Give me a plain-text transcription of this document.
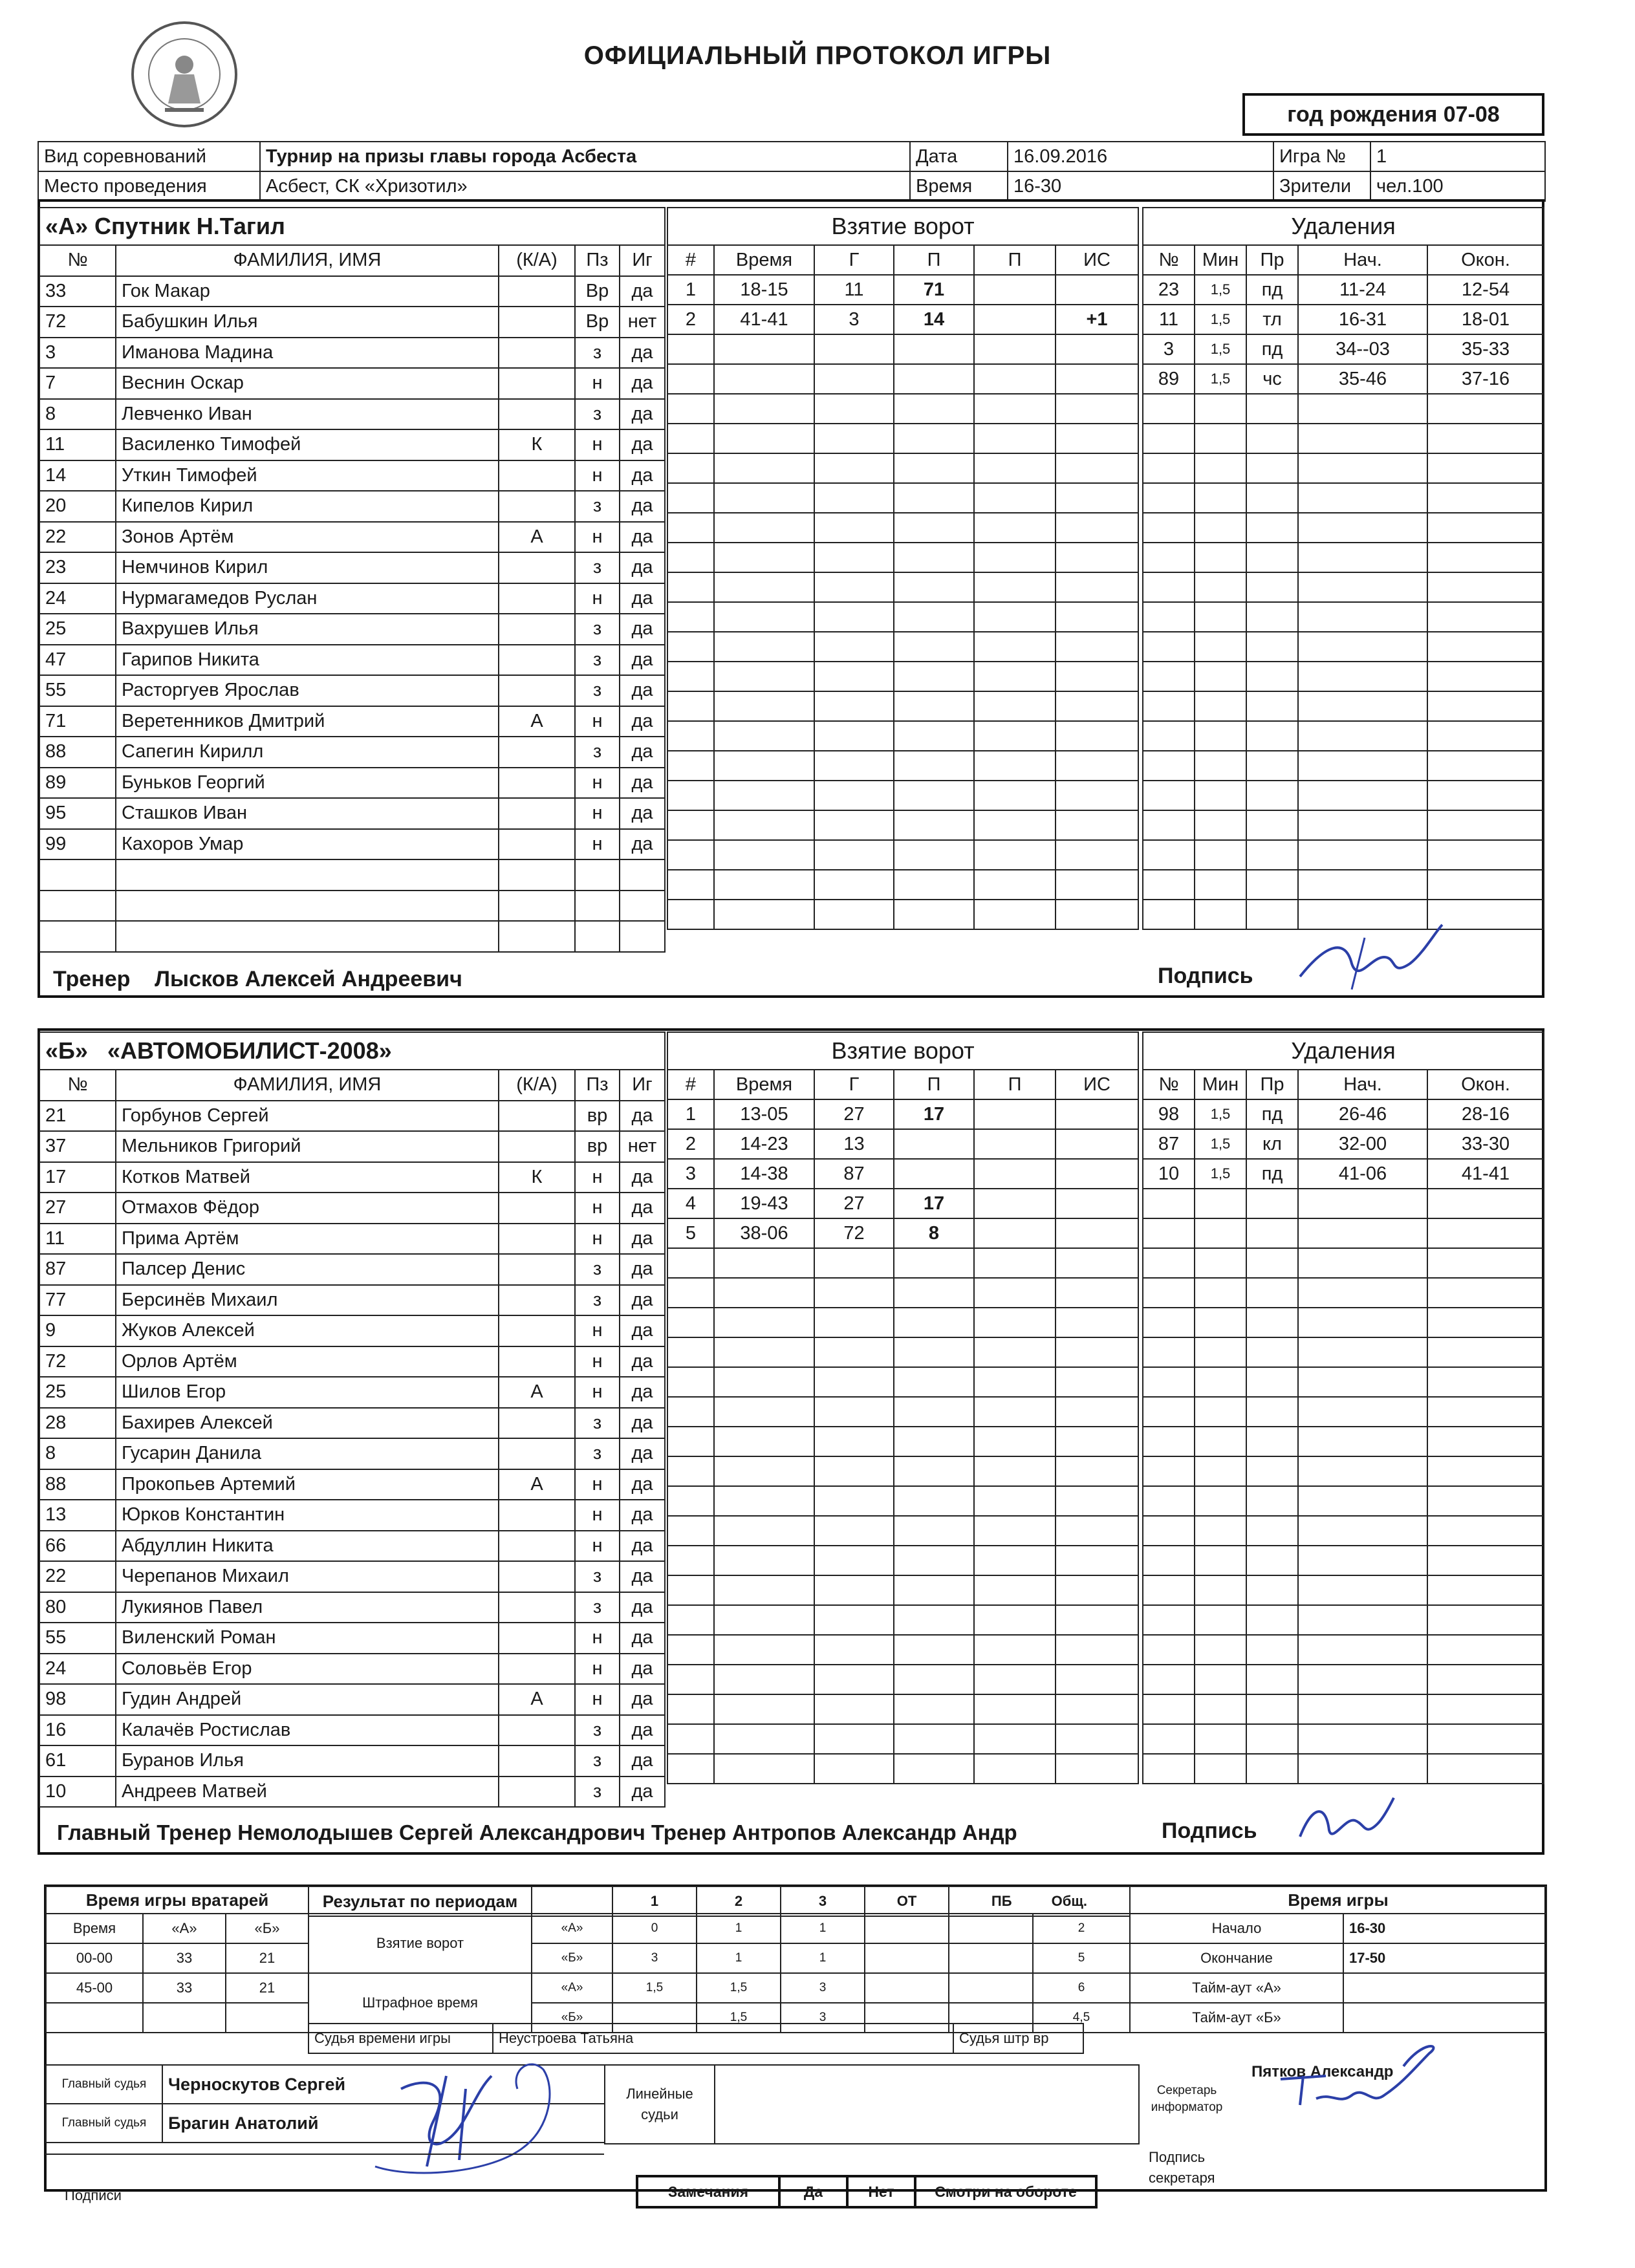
ОФИЦИАЛЬНЫЙ ПРОТОКОЛ ИГРЫ
год рождения 07-08
Вид соревнований	Турнир на призы главы города Асбеста	Дата	16.09.2016	Игра №	1
Место проведения	Асбест, СК «Хризотил»	Время	16-30	Зрители	чел.100
«А» Спутник Н.Тагил				
№	ФАМИЛИЯ, ИМЯ	(К/А)	Пз	Иг
33	Гок Макар		Вр	да
72	Бабушкин Илья		Вр	нет
3	Иманова Мадина		з	да
7	Веснин Оскар		н	да
8	Левченко Иван		з	да
11	Василенко Тимофей	К	н	да
14	Уткин Тимофей		н	да
20	Кипелов Кирил		з	да
22	Зонов Артём	А	н	да
23	Немчинов Кирил		з	да
24	Нурмагамедов Руслан		н	да
25	Вахрушев Илья		з	да
47	Гарипов Никита		з	да
55	Расторгуев Ярослав		з	да
71	Веретенников Дмитрий	А	н	да
88	Сапегин Кирилл		з	да
89	Буньков Георгий		н	да
95	Сташков Иван		н	да
99	Кахоров Умар		н	да

Взятие ворот					
#	Время	Г	П	П	ИС
1	18-15	11	71		
2	41-41	3	14		+1

Удаления				
№	Мин	Пр	Нач.	Окон.
23	1,5	пд	11-24	12-54
11	1,5	тл	16-31	18-01
3	1,5	пд	34--03	35-33
89	1,5	чс	35-46	37-16

Тренер Лысков Алексей Андреевич	Подпись
«Б» «АВТОМОБИЛИСТ-2008»				
№	ФАМИЛИЯ, ИМЯ	(К/А)	Пз	Иг
21	Горбунов Сергей		вр	да
37	Мельников Григорий		вр	нет
17	Котков Матвей	К	н	да
27	Отмахов Фёдор		н	да
11	Прима Артём		н	да
87	Палсер Денис		з	да
77	Берсинёв Михаил		з	да
9	Жуков Алексей		н	да
72	Орлов Артём		н	да
25	Шилов Егор	А	н	да
28	Бахирев Алексей		з	да
8	Гусарин Данила		з	да
88	Прокопьев Артемий	А	н	да
13	Юрков Константин		н	да
66	Абдуллин Никита		н	да
22	Черепанов Михаил		з	да
80	Лукиянов Павел		з	да
55	Виленский Роман		н	да
24	Соловьёв Егор		н	да
98	Гудин Андрей	А	н	да
16	Калачёв Ростислав		з	да
61	Буранов Илья		з	да
10	Андреев Матвей		з	да
Взятие ворот					
#	Время	Г	П	П	ИС
1	13-05	27	17		
2	14-23	13			
3	14-38	87			
4	19-43	27	17		
5	38-06	72	8		

Удаления				
№	Мин	Пр	Нач.	Окон.
98	1,5	пд	26-46	28-16
87	1,5	кл	32-00	33-30
10	1,5	пд	41-06	41-41

Главный Тренер Немолодышев Сергей Александрович Тренер Антропов Александр Андр	Подпись
Время игры вратарей		
Время	«А»	«Б»
00-00	33	21
45-00	33	21

Результат по периодам		1	2	3	ОТ	ПБ	Общ.
Взятие ворот	«А»	0	1	1			2
	«Б»	3	1	1			5
Штрафное время	«А»	1,5	1,5	3			6
	«Б»		1,5	3			4,5
Время игры	
Начало	16-30
Окончание	17-50
Тайм-аут «А»	
Тайм-аут «Б»	
Судья времени игры	Неустроева Татьяна	Судья штр вр
Главный судья	Черноскутов Сергей
Главный судья	Брагин Анатолий
Линейные судьи	
Секретарь информатор
Пятков Александр
Подписи
Подпись секретаря
Замечания	Да	Нет	Смотри на обороте
